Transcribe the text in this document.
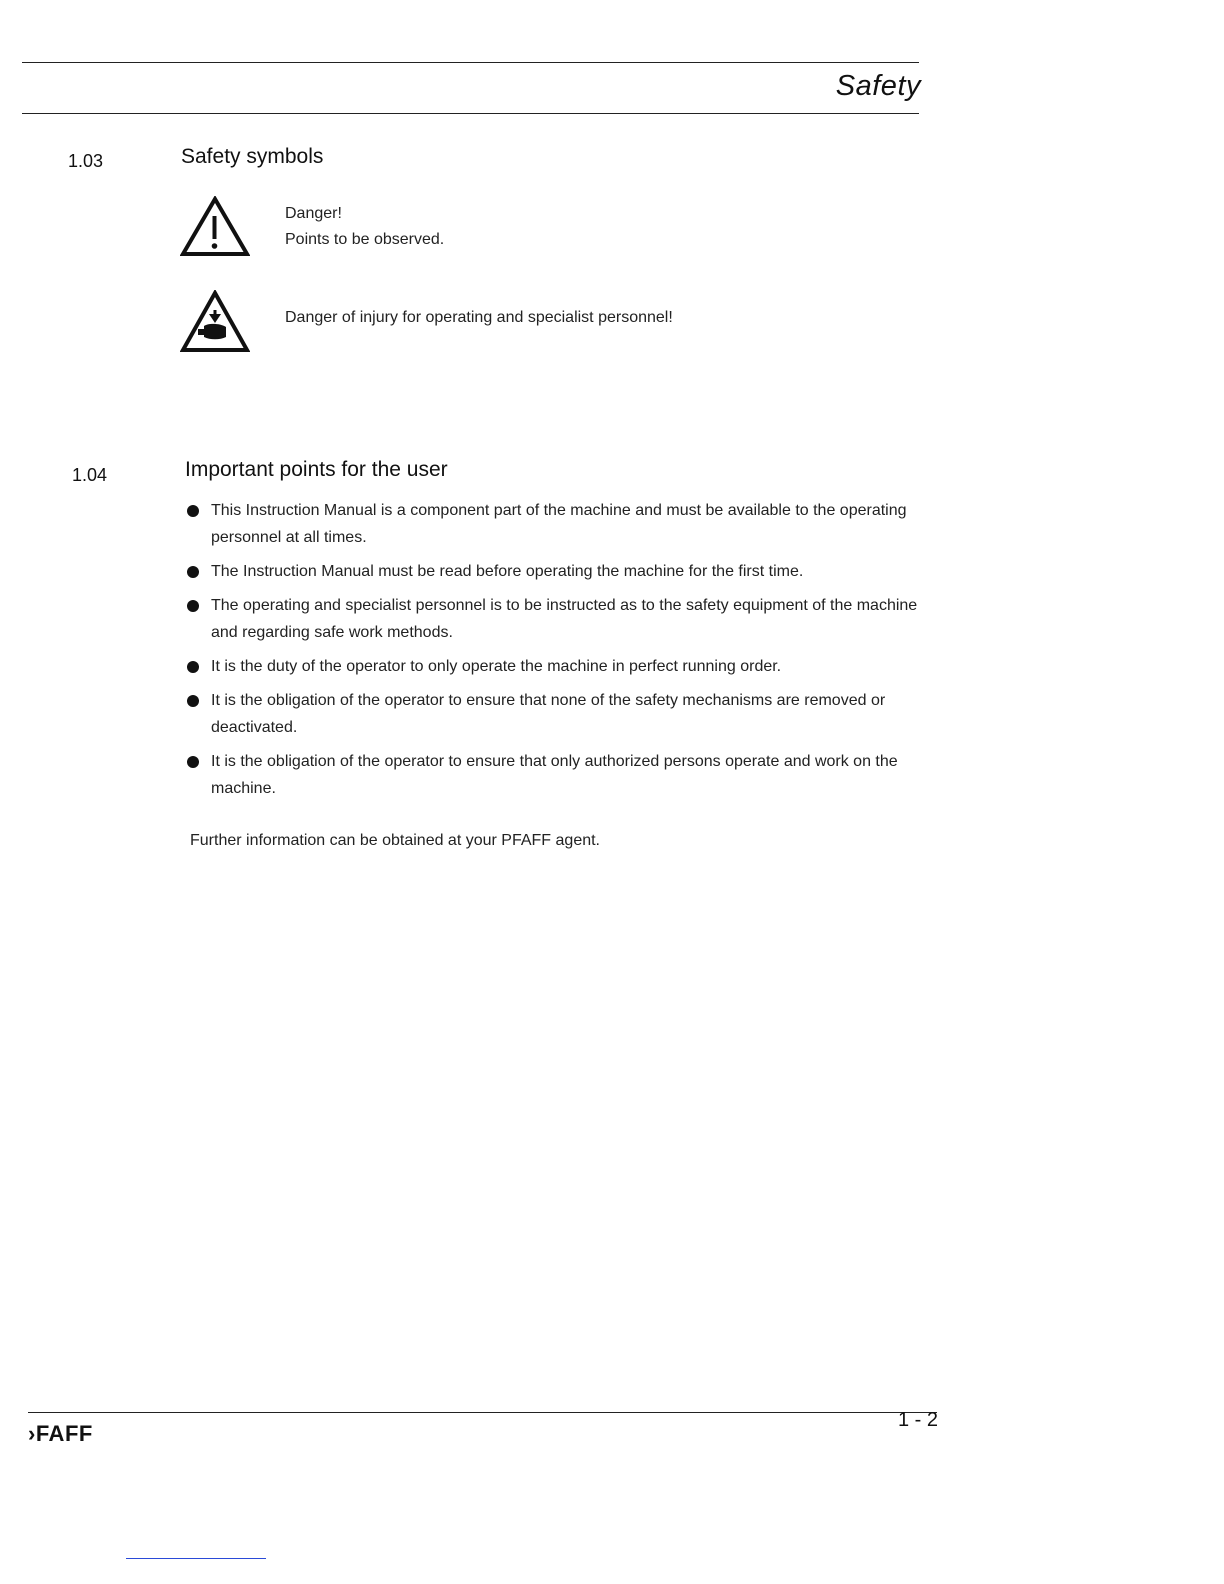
Safety
1.03	Safety symbols
Danger!
Points to be observed.
Danger of injury for operating and specialist personnel!
1.04	Important points for the user
This Instruction Manual is a component part of the machine and must be available to the operating personnel at all times.
The Instruction Manual must be read before operating the machine for the first time.
The operating and specialist personnel is to be instructed as to the safety equipment of the machine and regarding safe work methods.
It is the duty of the operator to only operate the machine in perfect running order.
It is the obligation of the operator to ensure that none of the safety mechanisms are removed or deactivated.
It is the obligation of the operator to ensure that only authorized persons operate and work on the machine.
Further information can be obtained at your PFAFF agent.
›FAFF
1 - 2
